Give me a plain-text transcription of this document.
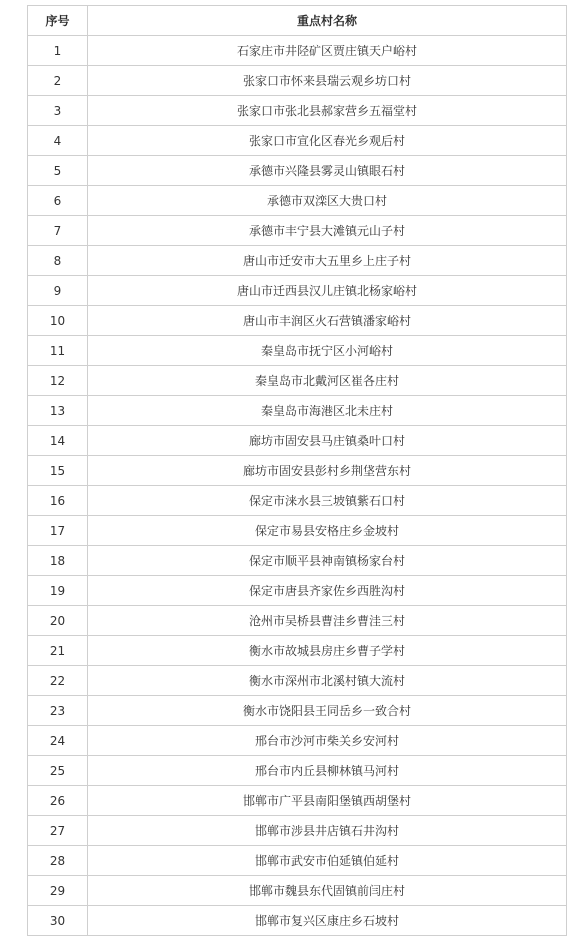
序号	重点村名称
1	石家庄市井陉矿区贾庄镇天户峪村
2	张家口市怀来县瑞云观乡坊口村
3	张家口市张北县郝家营乡五福堂村
4	张家口市宣化区春光乡观后村
5	承德市兴隆县雾灵山镇眼石村
6	承德市双滦区大贵口村
7	承德市丰宁县大滩镇元山子村
8	唐山市迁安市大五里乡上庄子村
9	唐山市迁西县汉儿庄镇北杨家峪村
10	唐山市丰润区火石营镇潘家峪村
11	秦皇岛市抚宁区小河峪村
12	秦皇岛市北戴河区崔各庄村
13	秦皇岛市海港区北未庄村
14	廊坊市固安县马庄镇桑叶口村
15	廊坊市固安县彭村乡荆垡营东村
16	保定市涞水县三坡镇紫石口村
17	保定市易县安格庄乡金坡村
18	保定市顺平县神南镇杨家台村
19	保定市唐县齐家佐乡西胜沟村
20	沧州市吴桥县曹洼乡曹洼三村
21	衡水市故城县房庄乡曹子学村
22	衡水市深州市北溪村镇大流村
23	衡水市饶阳县王同岳乡一致合村
24	邢台市沙河市柴关乡安河村
25	邢台市内丘县柳林镇马河村
26	邯郸市广平县南阳堡镇西胡堡村
27	邯郸市涉县井店镇石井沟村
28	邯郸市武安市伯延镇伯延村
29	邯郸市魏县东代固镇前闫庄村
30	邯郸市复兴区康庄乡石坡村
